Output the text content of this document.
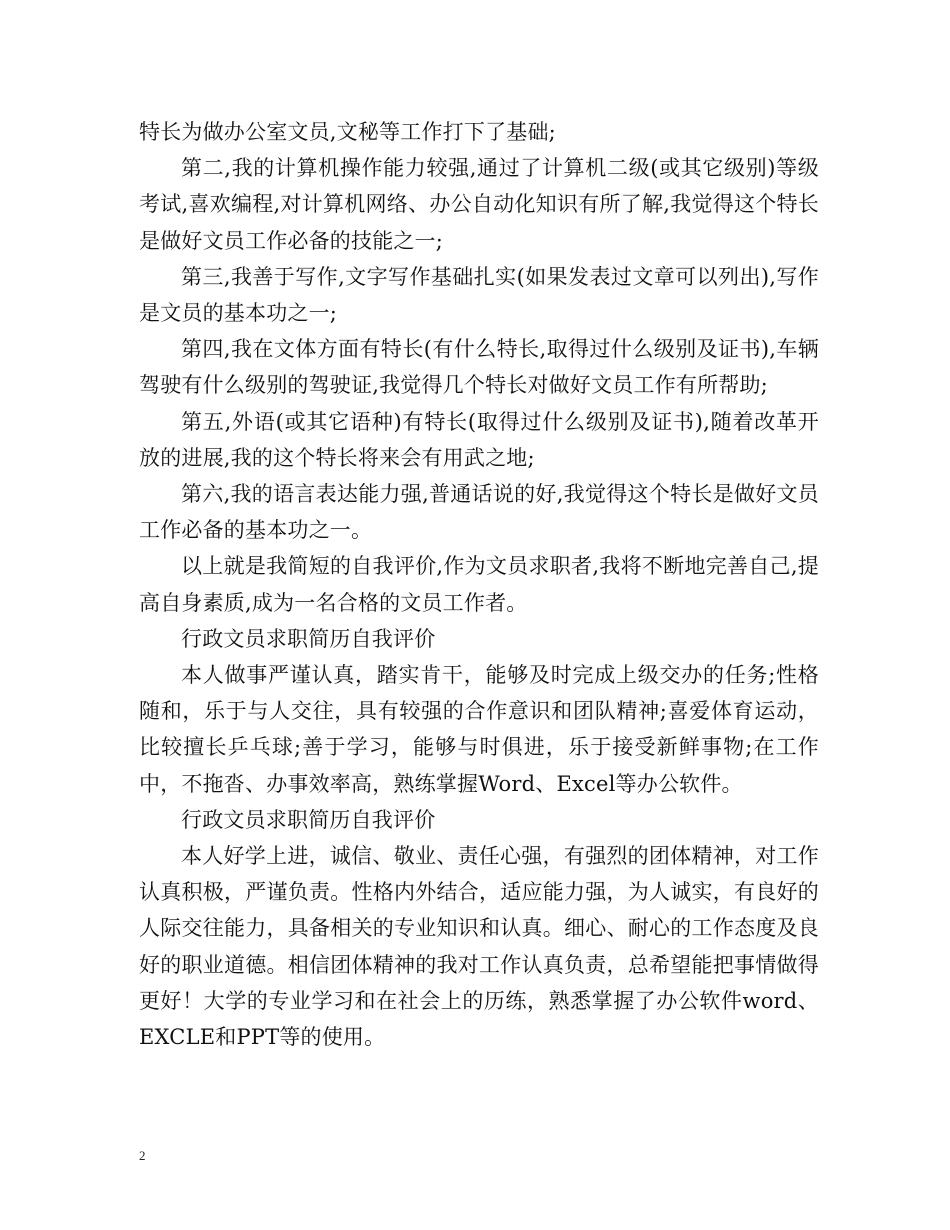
特长为做办公室文员,文秘等工作打下了基础;

第二,我的计算机操作能力较强,通过了计算机二级(或其它级别)等级考试,喜欢编程,对计算机网络、办公自动化知识有所了解,我觉得这个特长是做好文员工作必备的技能之一;

第三,我善于写作,文字写作基础扎实(如果发表过文章可以列出),写作是文员的基本功之一;

第四,我在文体方面有特长(有什么特长,取得过什么级别及证书),车辆驾驶有什么级别的驾驶证,我觉得几个特长对做好文员工作有所帮助;

第五,外语(或其它语种)有特长(取得过什么级别及证书),随着改革开放的进展,我的这个特长将来会有用武之地;

第六,我的语言表达能力强,普通话说的好,我觉得这个特长是做好文员工作必备的基本功之一。

以上就是我简短的自我评价,作为文员求职者,我将不断地完善自己,提高自身素质,成为一名合格的文员工作者。

行政文员求职简历自我评价

本人做事严谨认真，踏实肯干，能够及时完成上级交办的任务;性格随和，乐于与人交往，具有较强的合作意识和团队精神;喜爱体育运动，比较擅长乒乓球;善于学习，能够与时俱进，乐于接受新鲜事物;在工作中，不拖沓、办事效率高，熟练掌握Word、Excel等办公软件。

行政文员求职简历自我评价

本人好学上进，诚信、敬业、责任心强，有强烈的团体精神，对工作认真积极，严谨负责。性格内外结合，适应能力强，为人诚实，有良好的人际交往能力，具备相关的专业知识和认真。细心、耐心的工作态度及良好的职业道德。相信团体精神的我对工作认真负责，总希望能把事情做得更好！大学的专业学习和在社会上的历练，熟悉掌握了办公软件word、EXCLE和PPT等的使用。

2
